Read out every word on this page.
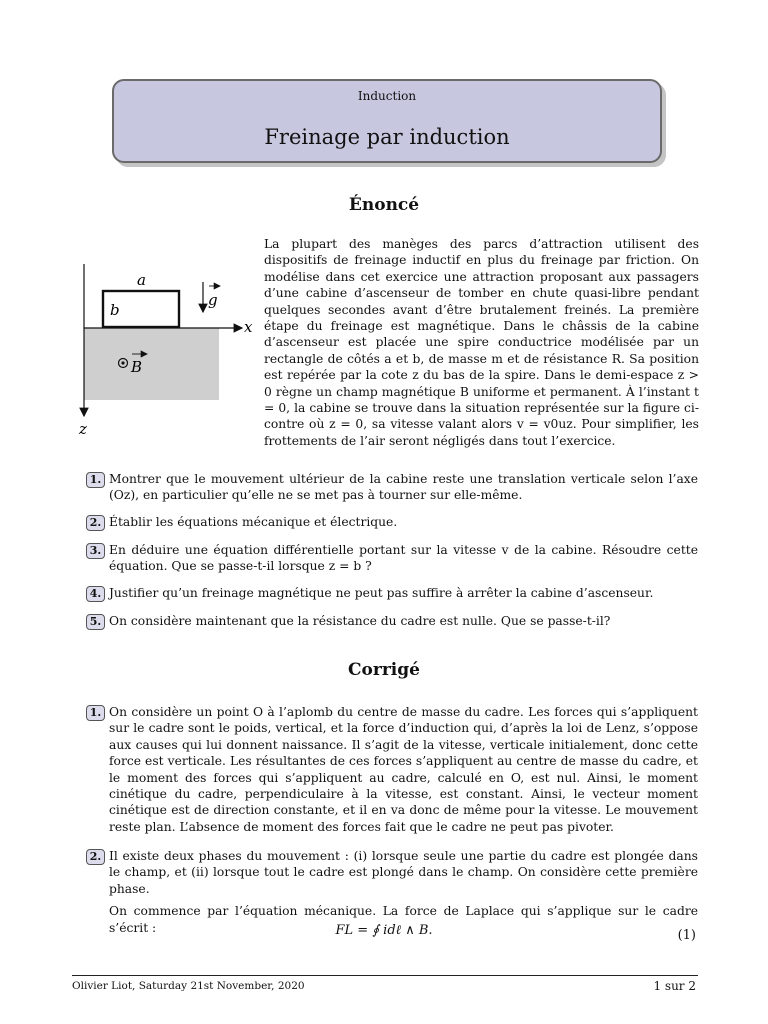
Induction
Freinage par induction
Énoncé
a
b
g
x
z
B

La plupart des manèges des parcs d’attraction utilisent des dispositifs de freinage inductif en plus du freinage par friction. On modélise dans cet exercice une attraction proposant aux passagers d’une cabine d’ascenseur de tomber en chute quasi-libre pendant quelques secondes avant d’être brutalement freinés. La première étape du freinage est magnétique. Dans le châssis de la cabine d’ascenseur est placée une spire conductrice modélisée par un rectangle de côtés a et b, de masse m et de résistance R. Sa position est repérée par la cote z du bas de la spire. Dans le demi-espace z > 0 règne un champ magnétique B uniforme et permanent. À l’instant t = 0, la cabine se trouve dans la situation représentée sur la figure ci-contre où z = 0, sa vitesse valant alors v = v0uz. Pour simplifier, les frottements de l’air seront négligés dans tout l’exercice.

1. Montrer que le mouvement ultérieur de la cabine reste une translation verticale selon l’axe (Oz), en particulier qu’elle ne se met pas à tourner sur elle-même.
2. Établir les équations mécanique et électrique.
3. En déduire une équation différentielle portant sur la vitesse v de la cabine. Résoudre cette équation. Que se passe-t-il lorsque z = b ?
4. Justifier qu’un freinage magnétique ne peut pas suffire à arrêter la cabine d’ascenseur.
5. On considère maintenant que la résistance du cadre est nulle. Que se passe-t-il?
Corrigé
1. On considère un point O à l’aplomb du centre de masse du cadre. Les forces qui s’appliquent sur le cadre sont le poids, vertical, et la force d’induction qui, d’après la loi de Lenz, s’oppose aux causes qui lui donnent naissance. Il s’agit de la vitesse, verticale initialement, donc cette force est verticale. Les résultantes de ces forces s’appliquent au centre de masse du cadre, et le moment des forces qui s’appliquent au cadre, calculé en O, est nul. Ainsi, le moment cinétique du cadre, perpendiculaire à la vitesse, est constant. Ainsi, le vecteur moment cinétique est de direction constante, et il en va donc de même pour la vitesse. Le mouvement reste plan. L’absence de moment des forces fait que le cadre ne peut pas pivoter.

2. Il existe deux phases du mouvement : (i) lorsque seule une partie du cadre est plongée dans le champ, et (ii) lorsque tout le cadre est plongé dans le champ. On considère cette première phase.

On commence par l’équation mécanique. La force de Laplace qui s’applique sur le cadre s’écrit :	FL = ∮ idℓ ∧ B.	(1)
Olivier Liot, Saturday 21st November, 2020	1 sur 2
